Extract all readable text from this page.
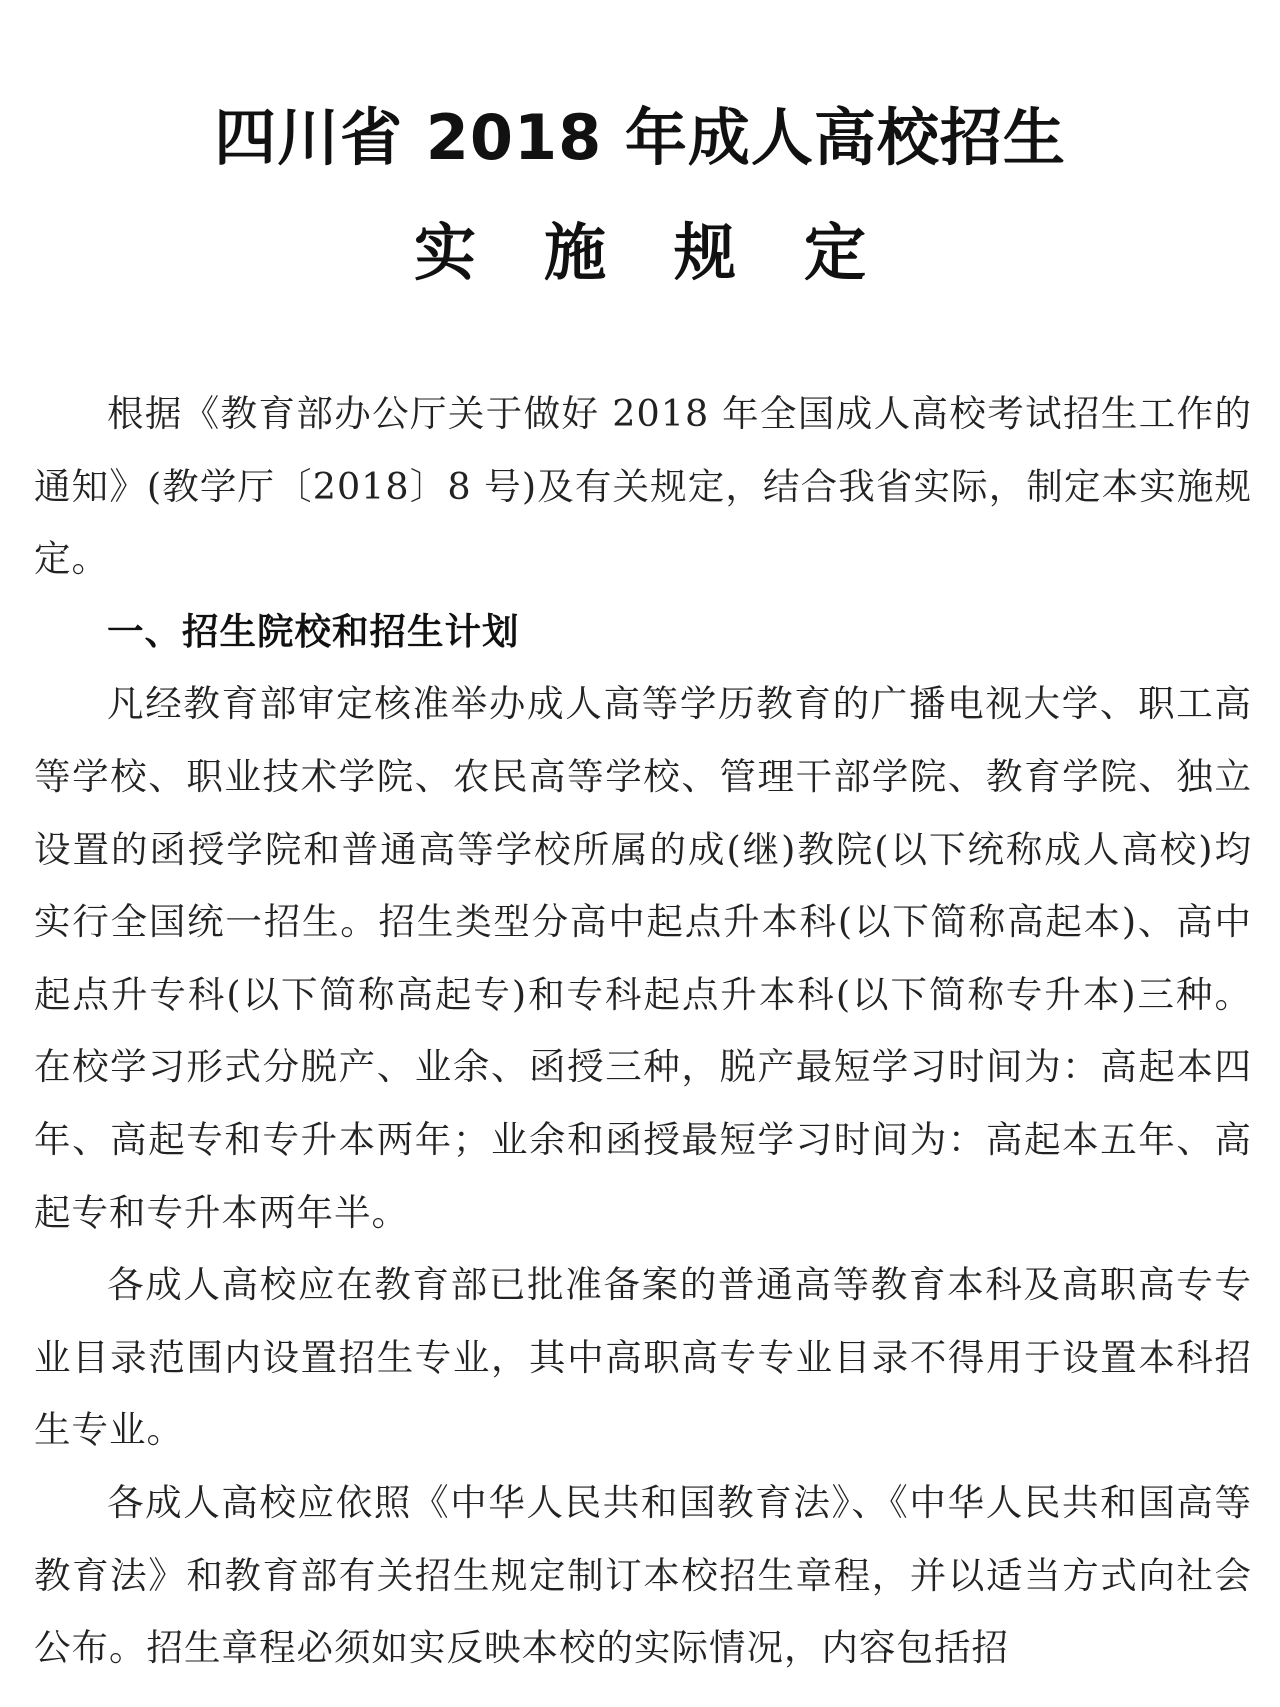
四川省 2018 年成人高校招生
实施规定

根据《教育部办公厅关于做好 2018 年全国成人高校考试招生工作的通知》(教学厅〔2018〕8 号)及有关规定，结合我省实际，制定本实施规定。

一、招生院校和招生计划

凡经教育部审定核准举办成人高等学历教育的广播电视大学、职工高等学校、职业技术学院、农民高等学校、管理干部学院、教育学院、独立设置的函授学院和普通高等学校所属的成(继)教院(以下统称成人高校)均实行全国统一招生。招生类型分高中起点升本科(以下简称高起本)、高中起点升专科(以下简称高起专)和专科起点升本科(以下简称专升本)三种。在校学习形式分脱产、业余、函授三种，脱产最短学习时间为：高起本四年、高起专和专升本两年；业余和函授最短学习时间为：高起本五年、高起专和专升本两年半。

各成人高校应在教育部已批准备案的普通高等教育本科及高职高专专业目录范围内设置招生专业，其中高职高专专业目录不得用于设置本科招生专业。

各成人高校应依照《中华人民共和国教育法》、《中华人民共和国高等教育法》和教育部有关招生规定制订本校招生章程，并以适当方式向社会公布。招生章程必须如实反映本校的实际情况，内容包括招
